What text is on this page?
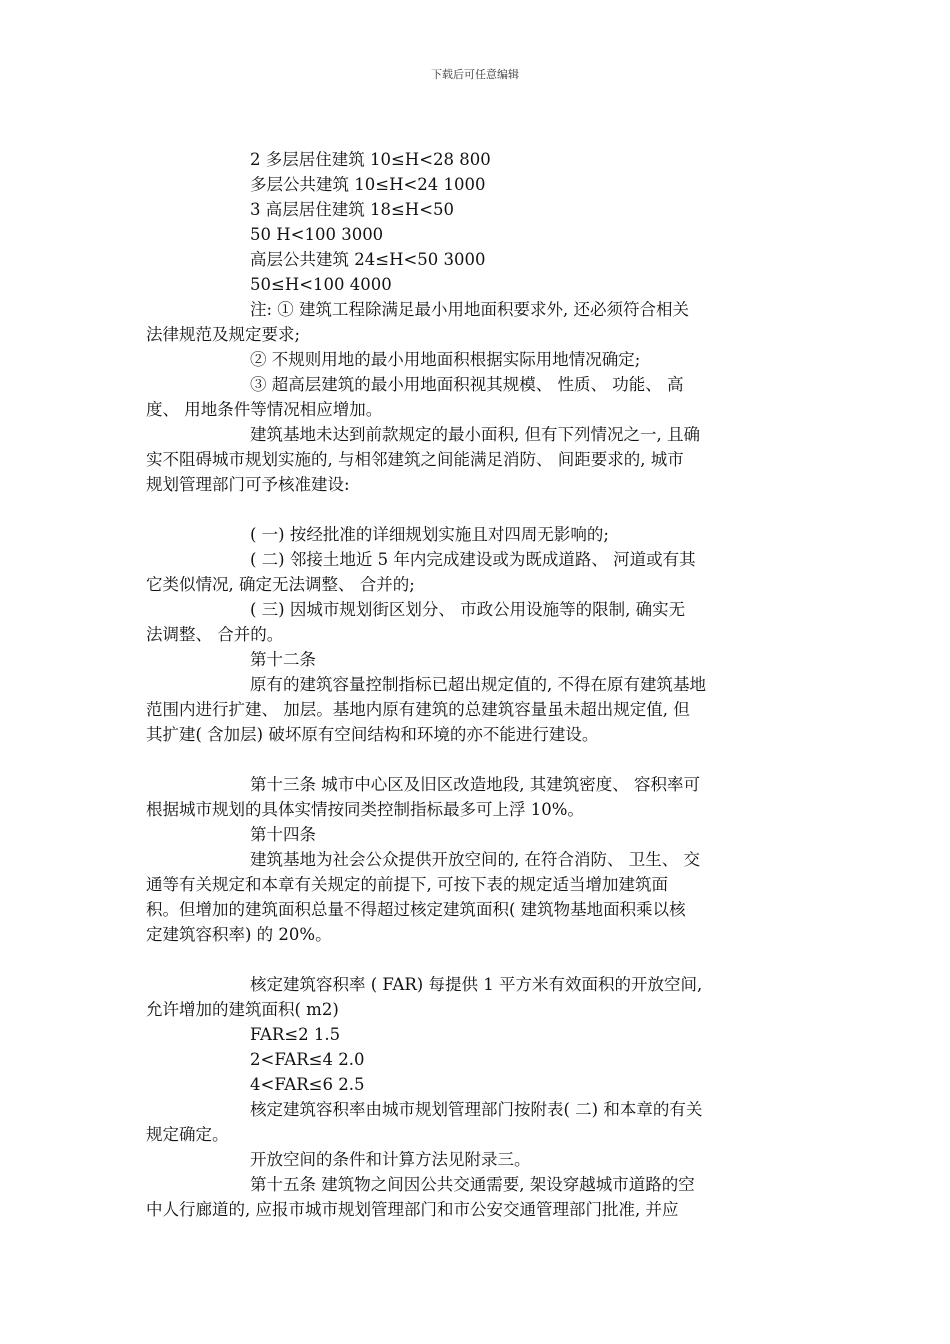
下载后可任意编辑

2 多层居住建筑 10≤H<28 800

多层公共建筑 10≤H<24 1000

3 高层居住建筑 18≤H<50

50 H<100 3000

高层公共建筑 24≤H<50 3000

50≤H<100 4000

注: ① 建筑工程除满足最小用地面积要求外, 还必须符合相关

法律规范及规定要求;

② 不规则用地的最小用地面积根据实际用地情况确定;

③ 超高层建筑的最小用地面积视其规模、 性质、 功能、 高

度、 用地条件等情况相应增加。

建筑基地未达到前款规定的最小面积, 但有下列情况之一, 且确

实不阻碍城市规划实施的, 与相邻建筑之间能满足消防、 间距要求的, 城市

规划管理部门可予核准建设:

( 一) 按经批准的详细规划实施且对四周无影响的;

( 二) 邻接土地近 5 年内完成建设或为既成道路、 河道或有其

它类似情况, 确定无法调整、 合并的;

( 三) 因城市规划街区划分、 市政公用设施等的限制, 确实无

法调整、 合并的。

第十二条

原有的建筑容量控制指标已超出规定值的, 不得在原有建筑基地

范围内进行扩建、 加层。基地内原有建筑的总建筑容量虽未超出规定值, 但

其扩建( 含加层) 破坏原有空间结构和环境的亦不能进行建设。

第十三条 城市中心区及旧区改造地段, 其建筑密度、 容积率可

根据城市规划的具体实情按同类控制指标最多可上浮 10%。

第十四条

建筑基地为社会公众提供开放空间的, 在符合消防、 卫生、 交

通等有关规定和本章有关规定的前提下, 可按下表的规定适当增加建筑面

积。但增加的建筑面积总量不得超过核定建筑面积( 建筑物基地面积乘以核

定建筑容积率) 的 20%。

核定建筑容积率 ( FAR) 每提供 1 平方米有效面积的开放空间,

允许增加的建筑面积( m2)

FAR≤2 1.5

2<FAR≤4 2.0

4<FAR≤6 2.5

核定建筑容积率由城市规划管理部门按附表( 二) 和本章的有关

规定确定。

开放空间的条件和计算方法见附录三。

第十五条 建筑物之间因公共交通需要, 架设穿越城市道路的空

中人行廊道的, 应报市城市规划管理部门和市公安交通管理部门批准, 并应
